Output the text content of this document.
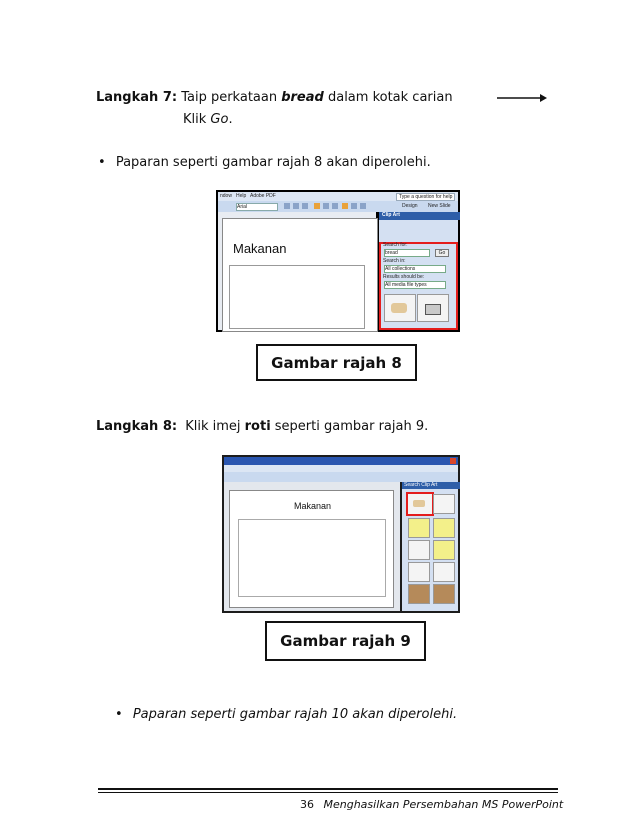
Langkah 7: Taip perkataan bread dalam kotak carian
Klik Go.
• Paparan seperti gambar rajah 8 akan diperolehi.
ndow Help Adobe PDF	Type a question for help
Arial	Design New Slide
Makanan
Clip Art
Search for:
bread	Go
Search in:
All collections
Results should be:
All media file types
Gambar rajah 8
Langkah 8: Klik imej roti seperti gambar rajah 9.
Makanan
Search Clip Art
Gambar rajah 9
• Paparan seperti gambar rajah 10 akan diperolehi.
36 Menghasilkan Persembahan MS PowerPoint
